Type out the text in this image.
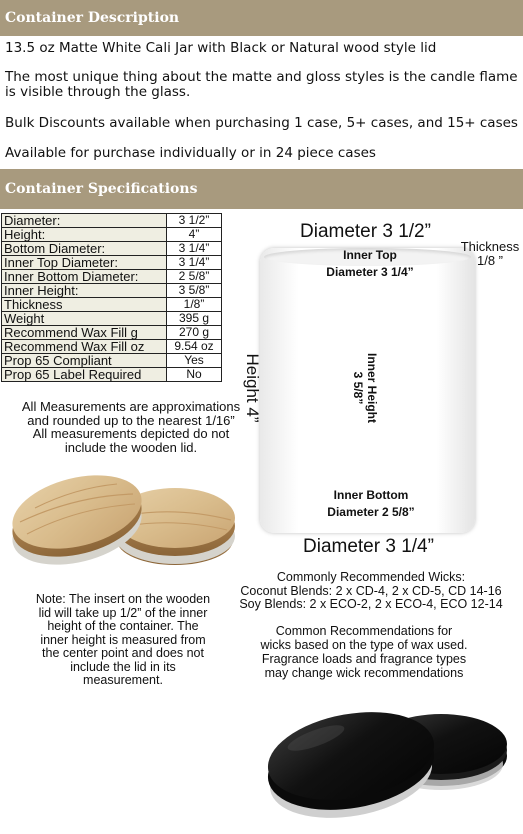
Container Description

13.5 oz Matte White Cali Jar with Black or Natural wood style lid

The most unique thing about the matte and gloss styles is the candle flame is visible through the glass.

Bulk Discounts available when purchasing 1 case, 5+ cases, and 15+ cases

Available for purchase individually or in 24 piece cases

Container Specifications
Diameter:	3 1/2”
Height:	4”
Bottom Diameter:	3 1/4”
Inner Top Diameter:	3 1/4”
Inner Bottom Diameter:	2 5/8”
Inner Height:	3 5/8”
Thickness	1/8”
Weight	395 g
Recommend Wax Fill g	270 g
Recommend Wax Fill oz	9.54 oz
Prop 65 Compliant	Yes
Prop 65 Label Required	No
All Measurements are approximations
and rounded up to the nearest 1/16”
All measurements depicted do not
include the wooden lid.
Note: The insert on the wooden lid will take up 1/2” of the inner height of the container. The inner height is measured from the center point and does not include the lid in its measurement.
Diameter 3 1/2”
Inner Top
Diameter 3 1/4”
Thickness
1/8 ”
Height 4”	Inner Height
3 5/8”
Inner Bottom
Diameter 2 5/8”
Diameter 3 1/4”
Commonly Recommended Wicks:
Coconut Blends: 2 x CD-4, 2 x CD-5, CD 14-16
Soy Blends: 2 x ECO-2, 2 x ECO-4, ECO 12-14
Common Recommendations for wicks based on the type of wax used. Fragrance loads and fragrance types may change wick recommendations
